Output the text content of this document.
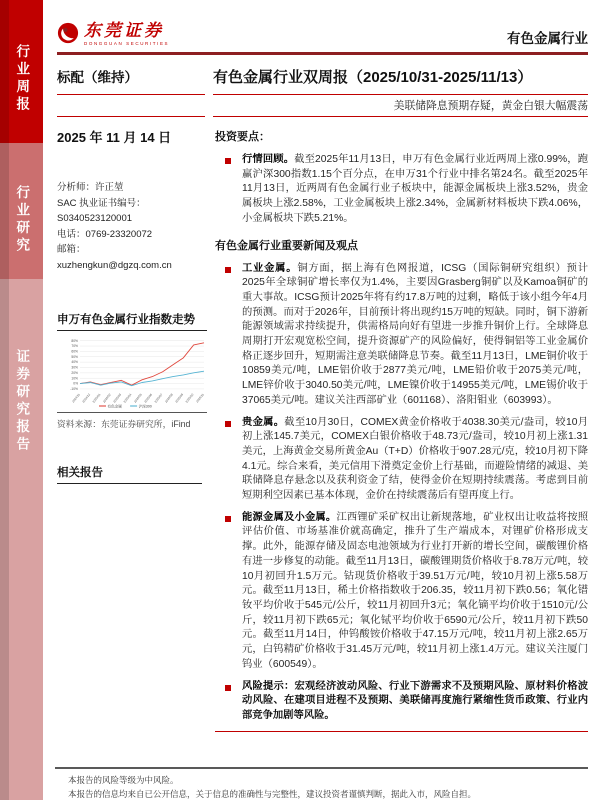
行业周报
行业研究
证券研究报告
东莞证券
DONGGUAN SECURITIES	有色金属行业
标配（维持）	有色金属行业双周报（2025/10/31-2025/11/13）
美联储降息预期存疑，黄金白银大幅震荡
2025 年 11 月 14 日
分析师：许正堃
SAC 执业证书编号：
S0340523120001
电话：0769-23320072
邮箱：
xuzhengkun@dgzq.com.cn
申万有色金属行业指数走势
80%
70%
60%
50%
40%
30%
20%
10%
0%
-10%
2024/11 2024/12 2025/01 2025/02 2025/03 2025/04 2025/05 2025/06 2025/07 2025/08 2025/09 2025/10 2025/11
有色金属	沪深300
资料来源：东莞证券研究所，iFind
相关报告
投资要点：

行情回顾。截至2025年11月13日，申万有色金属行业近两周上涨0.99%，跑赢沪深300指数1.15个百分点，在申万31个行业中排名第24名。截至2025年11月13日，近两周有色金属行业子板块中，能源金属板块上涨3.52%，贵金属板块上涨2.58%，工业金属板块上涨2.34%，金属新材料板块下跌4.06%，小金属板块下跌5.21%。

有色金属行业重要新闻及观点

工业金属。铜方面，据上海有色网报道，ICSG（国际铜研究组织）预计2025年全球铜矿增长率仅为1.4%，主要因Grasberg铜矿以及Kamoa铜矿的重大事故。ICSG预计2025年将有约17.8万吨的过剩，略低于该小组今年4月的预测。而对于2026年，目前预计将出现约15万吨的短缺。同时，铜下游新能源领域需求持续提升，供需格局向好有望进一步推升铜价上行。全球降息周期打开宏观宽松空间，提升资源矿产的风险偏好，使得铜铝等工业金属价格正逐步回升，短期需注意美联储降息节奏。截至11月13日，LME铜价收于10859美元/吨，LME铝价收于2877美元/吨，LME铅价收于2075美元/吨，LME锌价收于3040.50美元/吨，LME镍价收于14955美元/吨，LME锡价收于37065美元/吨。建议关注西部矿业（601168）、洛阳钼业（603993）。

贵金属。截至10月30日，COMEX黄金价格收于4038.30美元/盎司，较10月初上涨145.7美元，COMEX白银价格收于48.73元/盎司，较10月初上涨1.31美元，上海黄金交易所黄金Au（T+D）价格收于907.28元/克，较10月初下降4.1元。综合来看，美元信用下滑奠定金价上行基础，而避险情绪的减退、美联储降息存悬念以及获利资金了结，使得金价在短期持续震荡。考虑到目前短期利空因素已基本体现，金价在持续震荡后有望再度上行。

能源金属及小金属。江西锂矿采矿权出让新规落地，矿业权出让收益将按照评估价值、市场基准价就高确定，推升了生产端成本，对锂矿价格形成支撑。此外，能源存储及固态电池领域为行业打开新的增长空间，碳酸锂价格有进一步修复的动能。截至11月13日，碳酸锂期货价格收于8.78万元/吨，较10月初回升1.5万元。钴现货价格收于39.51万元/吨，较10月初上涨5.58万元。截至11月13日，稀土价格指数收于206.35，较11月初下跌0.56；氧化镨钕平均价收于545元/公斤，较11月初回升3元；氧化镝平均价收于1510元/公斤，较11月初下跌65元；氧化铽平均价收于6590元/公斤，较11月初下跌50元。截至11月14日，仲钨酸铵价格收于47.15万元/吨，较11月初上涨2.65万元，白钨精矿价格收于31.45万元/吨，较11月初上涨1.4万元。建议关注厦门钨业（600549）。

风险提示：宏观经济波动风险、行业下游需求不及预期风险、原材料价格波动风险、在建项目进程不及预期、美联储再度施行紧缩性货币政策、行业内部竞争加剧等风险。

本报告的风险等级为中风险。

本报告的信息均来自已公开信息，关于信息的准确性与完整性，建议投资者谨慎判断，据此入市，风险自担。
